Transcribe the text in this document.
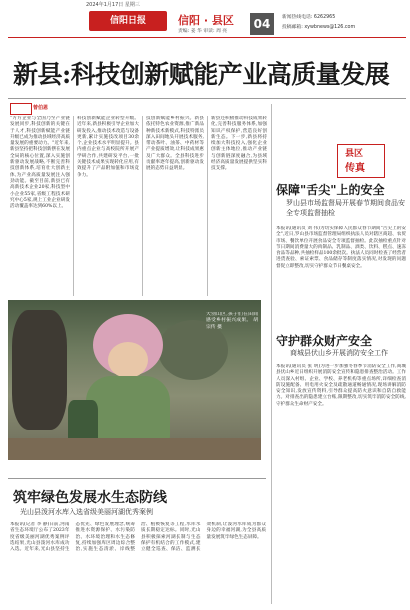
2024年1月17日 星期三
信阳日报	信阳 · 县区
责编: 姜 华 审读: 周 亮
04	新闻热线电话: 6262965
投稿邮箱: xywbnews@126.com
新县:科技创新赋能产业高质量发展
曾伯恩
"方方企业与全国乃至产业链发展同步,科技创新的关键在于人才,科技创新赋能产业链升级已成为推动县域经济高质量发展的重要动力。"近年来,新县坚持把科技创新摆在发展全局的核心位置,深入实施创新驱动发展战略,不断完善科技创新体系,培育壮大创新主体,为产业高质量发展注入强劲动能。截至目前,新县已有高新技术企业20家,科技型中小企业55家,省级工程技术研究中心5家,规上工业企业研发活动覆盖率达到60%以上。
科技创新赋能企业转型升级。近年来,新县积极引导企业加大研发投入,推动技术改造与设备更新,累计实施技改项目30余个,企业技术水平明显提升。县内重点企业与高校院所开展产学研合作,共建研发平台,一批关键技术成果实现转化应用,有效提升了产品附加值和市场竞争力。
技创新赋能乡村振兴。新县依托特色农业资源,推广新品种新技术新模式,科技特派员深入田间地头开展技术服务,带动茶叶、油茶、中药材等产业提质增效,让科技成果惠及广大群众。全县科技进步贡献率逐年提高,创新驱动发展的态势日益明显。
新县还积极推动科技成果转化,完善科技服务体系,加强知识产权保护,营造良好创新生态。下一步,新县将持续加大科技投入,强化企业创新主体地位,推动产业链与创新链深度融合,为县域经济高质量发展提供坚实科技支撑。
大别山区,孩子们在田间感受乡村振兴成果。 胡宗传 摄
县区
传真
保障"舌尖"上的安全
罗山县市场监督局开展春节期间食品安全专项监督抽检
本报讯(通讯员 刘 伟)为切实保障人民群众春节期间"舌尖上的安全",近日,罗山县市场监督管理局组织执法人员对辖区商超、农贸市场、餐饮单位开展食品安全专项监督抽检。此次抽检重点针对节日期间消费量大的肉制品、乳制品、酒类、饮料、糕点、速冻食品等品种,共抽检样品100余批次。执法人员同时检查了经营者进货查验、索证索票、食品储存等制度落实情况,对发现的问题督促立即整改,切实守护群众节日餐桌安全。
守护群众财产安全
商城县伏山乡开展消防安全工作
本报讯(通讯员 张 明)为进一步加强冬春季节消防安全工作,商城县伏山乡近日组织开展消防安全宣传和隐患排查整治活动。工作人员深入村组、企业、学校、养老机构等重点场所,详细检查消防设施配备、用电用火安全及疏散通道畅通情况,现场讲解消防安全知识,发放宣传资料,引导群众提高防火意识和自防自救能力。对排查出的隐患建立台账,限期整改,切实筑牢消防安全防线,守护群众生命财产安全。
筑牢绿色发展水生态防线
光山县泼河水库入选省级美丽河湖优秀案例
本报讯(记者 李 静)日前,河南省生态环境厅公布了2023年度省级美丽河湖优秀案例评选结果,光山县泼河水库成功入选。近年来,光山县坚持生态优先、绿色发展理念,统筹推进水资源保护、水污染防治、水环境治理和水生态修复,持续加强库区周边综合整治,实施生态清淤、岸线整治、植被恢复等工程,水库水质长期稳定达标。同时,光山县积极探索河湖长制与生态保护有机结合的工作模式,建立健全巡查、保洁、监测长效机制,让泼河水库成为群众身边的幸福河湖,为全县高质量发展筑牢绿色生态屏障。
